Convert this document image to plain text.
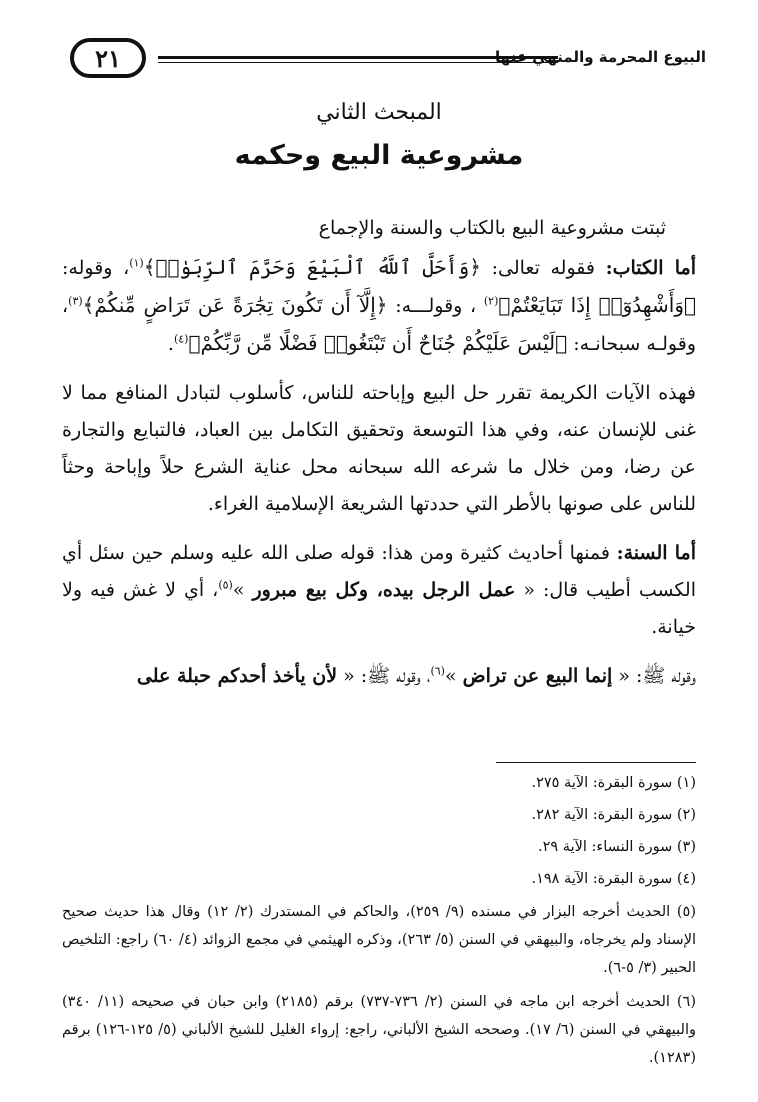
٢١	البيوع المحرمة والمنهي عنها
المبحث الثاني
مشروعية البيع وحكمه

ثبتت مشروعية البيع بالكتاب والسنة والإجماع

أما الكتاب: فقوله تعالى: ﴿وَأَحَلَّ ٱللَّهُ ٱلْبَيْعَ وَحَرَّمَ ٱلرِّبَوٰا۟﴾$^{(١)}$، وقوله: ﴿وَأَشْهِدُوٓا۟ إِذَا تَبَايَعْتُمْ﴾$^{(٢)}$ ، وقولـــه: ﴿إِلَّآ أَن تَكُونَ تِجَٰرَةً عَن تَرَاضٍ مِّنكُمْ﴾$^{(٣)}$، وقولـه سبحانـه: ﴿لَيْسَ عَلَيْكُمْ جُنَاحٌ أَن تَبْتَغُوا۟ فَضْلًا مِّن رَّبِّكُمْ﴾$^{(٤)}$.

فهذه الآيات الكريمة تقرر حل البيع وإباحته للناس، كأسلوب لتبادل المنافع مما لا غنى للإنسان عنه، وفي هذا التوسعة وتحقيق التكامل بين العباد، فالتبايع والتجارة عن رضا، ومن خلال ما شرعه الله سبحانه محل عناية الشرع حلاً وإباحة وحثاً للناس على صونها بالأطر التي حددتها الشريعة الإسلامية الغراء.

أما السنة: فمنها أحاديث كثيرة ومن هذا: قوله صلى الله عليه وسلم حين سئل أي الكسب أطيب قال: « عمل الرجل بيده، وكل بيع مبرور »$^{(٥)}$، أي لا غش فيه ولا خيانة.

وقوله ﷺ: « إنما البيع عن تراض »$^{(٦)}$، وقوله ﷺ: « لأن يأخذ أحدكم حبلة على

(١) سورة البقرة: الآية ٢٧٥.

(٢) سورة البقرة: الآية ٢٨٢.

(٣) سورة النساء: الآية ٢٩.

(٤) سورة البقرة: الآية ١٩٨.

(٥) الحديث أخرجه البزار في مسنده (٩/ ٢٥٩)، والحاكم في المستدرك (٢/ ١٢) وقال هذا حديث صحيح الإسناد ولم يخرجاه، والبيهقي في السنن (٥/ ٢٦٣)، وذكره الهيثمي في مجمع الزوائد (٤/ ٦٠) راجع: التلخيص الحبير (٣/ ٥-٦).

(٦) الحديث أخرجه ابن ماجه في السنن (٢/ ٧٣٦-٧٣٧) برقم (٢١٨٥) وابن حبان في صحيحه (١١/ ٣٤٠) والبيهقي في السنن (٦/ ١٧). وصححه الشيخ الألباني، راجع: إرواء الغليل للشيخ الألباني (٥/ ١٢٥-١٢٦) برقم (١٢٨٣).
